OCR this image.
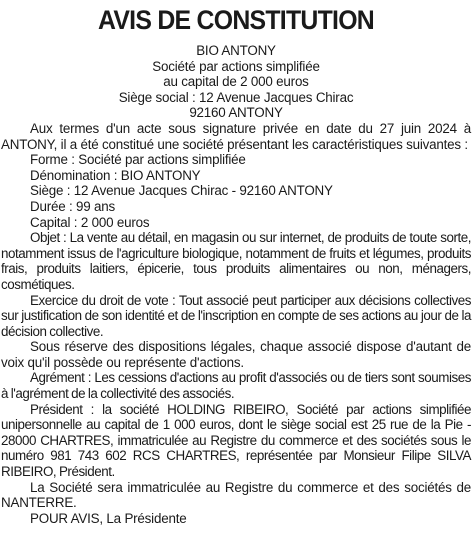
AVIS DE CONSTITUTION
BIO ANTONY
Société par actions simplifiée
au capital de 2 000 euros
Siège social : 12 Avenue Jacques Chirac
92160 ANTONY

Aux termes d'un acte sous signature privée en date du 27 juin 2024 à ANTONY, il a été constitué une société présentant les caractéristiques suivantes :

Forme : Société par actions simplifiée

Dénomination : BIO ANTONY

Siège : 12 Avenue Jacques Chirac - 92160 ANTONY

Durée : 99 ans

Capital : 2 000 euros

Objet : La vente au détail, en magasin ou sur internet, de produits de toute sorte, notamment issus de l'agriculture biologique, notamment de fruits et légumes, produits frais, produits laitiers, épicerie, tous produits alimentaires ou non, ménagers, cosmétiques.

Exercice du droit de vote : Tout associé peut participer aux décisions collectives sur justification de son identité et de l'inscription en compte de ses actions au jour de la décision collective.

Sous réserve des dispositions légales, chaque associé dispose d'autant de voix qu'il possède ou représente d'actions.

Agrément : Les cessions d'actions au profit d'associés ou de tiers sont soumises à l'agrément de la collectivité des associés.

Président : la société HOLDING RIBEIRO, Société par actions simplifiée unipersonnelle au capital de 1 000 euros, dont le siège social est 25 rue de la Pie - 28000 CHARTRES, immatriculée au Registre du commerce et des sociétés sous le numéro 981 743 602 RCS CHARTRES, représentée par Monsieur Filipe SILVA RIBEIRO, Président.

La Société sera immatriculée au Registre du commerce et des sociétés de NANTERRE.

POUR AVIS, La Présidente
